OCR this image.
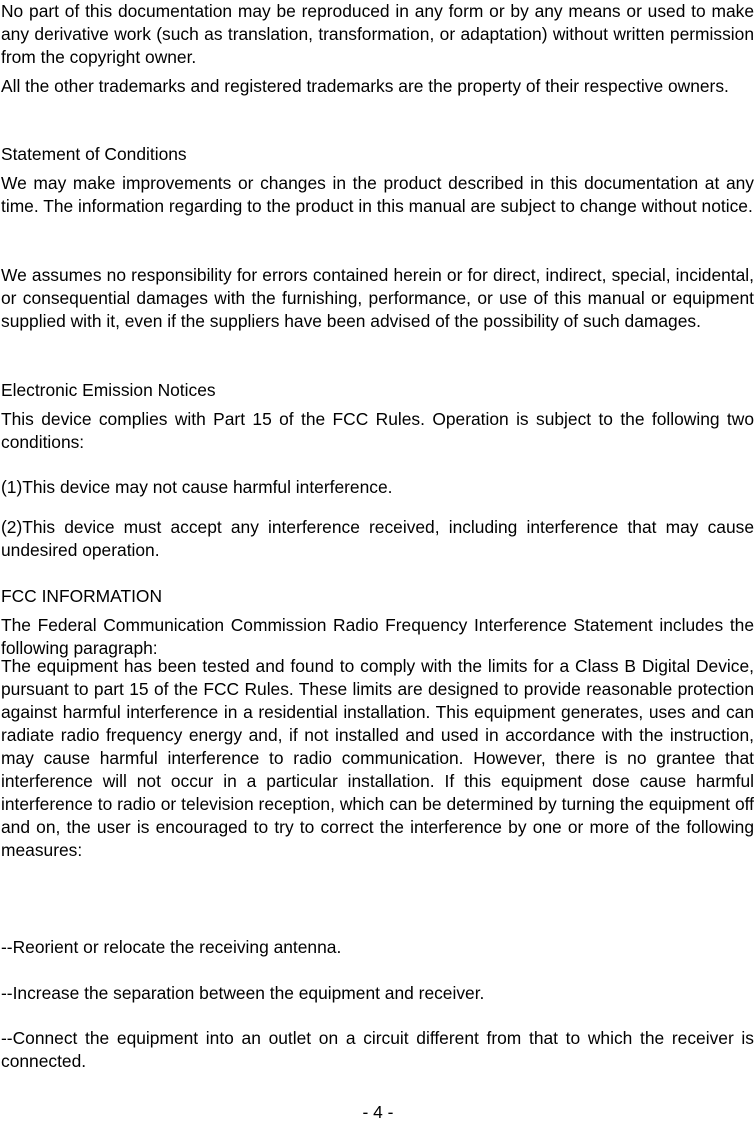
No part of this documentation may be reproduced in any form or by any means or used to make any derivative work (such as translation, transformation, or adaptation) without written permission from the copyright owner.

All the other trademarks and registered trademarks are the property of their respective owners.

Statement of Conditions

We may make improvements or changes in the product described in this documentation at any time. The information regarding to the product in this manual are subject to change without notice.

We assumes no responsibility for errors contained herein or for direct, indirect, special, incidental, or consequential damages with the furnishing, performance, or use of this manual or equipment supplied with it, even if the suppliers have been advised of the possibility of such damages.

Electronic Emission Notices

This device complies with Part 15 of the FCC Rules. Operation is subject to the following two conditions:

(1)This device may not cause harmful interference.

(2)This device must accept any interference received, including interference that may cause undesired operation.

FCC INFORMATION

The Federal Communication Commission Radio Frequency Interference Statement includes the following paragraph:

The equipment has been tested and found to comply with the limits for a Class B Digital Device, pursuant to part 15 of the FCC Rules. These limits are designed to provide reasonable protection against harmful interference in a residential installation. This equipment generates, uses and can radiate radio frequency energy and, if not installed and used in accordance with the instruction, may cause harmful interference to radio communication. However, there is no grantee that interference will not occur in a particular installation. If this equipment dose cause harmful interference to radio or television reception, which can be determined by turning the equipment off and on, the user is encouraged to try to correct the interference by one or more of the following measures:

--Reorient or relocate the receiving antenna.

--Increase the separation between the equipment and receiver.

--Connect the equipment into an outlet on a circuit different from that to which the receiver is connected.

- 4 -
